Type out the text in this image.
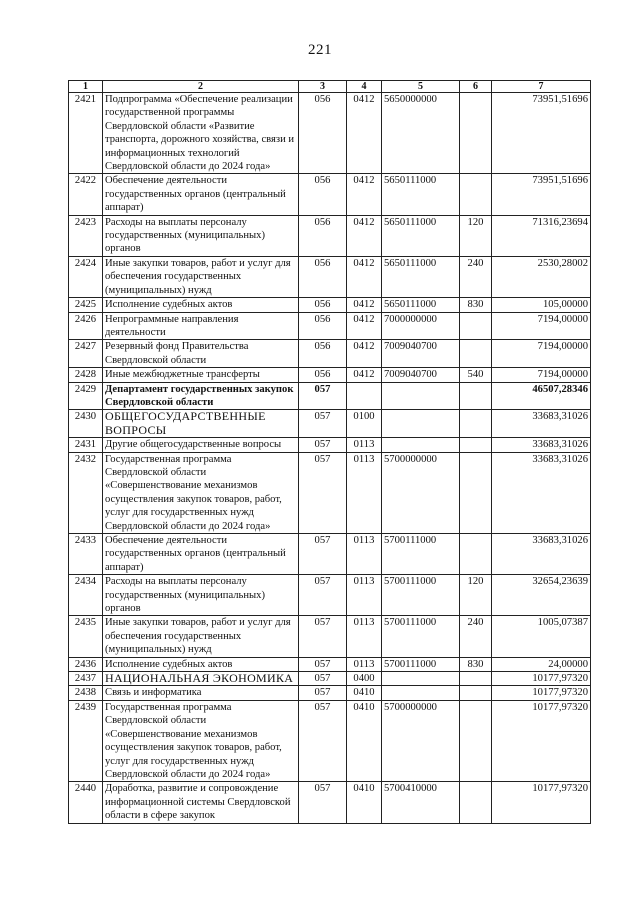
221
1	2	3	4	5	6	7
2421	Подпрограмма «Обеспечение реализации государственной программы Свердловской области «Развитие транспорта, дорожного хозяйства, связи и информационных технологий Свердловской области до 2024 года»	056	0412	5650000000		73951,51696
2422	Обеспечение деятельности государственных органов (центральный аппарат)	056	0412	5650111000		73951,51696
2423	Расходы на выплаты персоналу государственных (муниципальных) органов	056	0412	5650111000	120	71316,23694
2424	Иные закупки товаров, работ и услуг для обеспечения государственных (муниципальных) нужд	056	0412	5650111000	240	2530,28002
2425	Исполнение судебных актов	056	0412	5650111000	830	105,00000
2426	Непрограммные направления деятельности	056	0412	7000000000		7194,00000
2427	Резервный фонд Правительства Свердловской области	056	0412	7009040700		7194,00000
2428	Иные межбюджетные трансферты	056	0412	7009040700	540	7194,00000
2429	Департамент государственных закупок Свердловской области	057				46507,28346
2430	ОБЩЕГОСУДАРСТВЕННЫЕ ВОПРОСЫ	057	0100			33683,31026
2431	Другие общегосударственные вопросы	057	0113			33683,31026
2432	Государственная программа Свердловской области «Совершенствование механизмов осуществления закупок товаров, работ, услуг для государственных нужд Свердловской области до 2024 года»	057	0113	5700000000		33683,31026
2433	Обеспечение деятельности государственных органов (центральный аппарат)	057	0113	5700111000		33683,31026
2434	Расходы на выплаты персоналу государственных (муниципальных) органов	057	0113	5700111000	120	32654,23639
2435	Иные закупки товаров, работ и услуг для обеспечения государственных (муниципальных) нужд	057	0113	5700111000	240	1005,07387
2436	Исполнение судебных актов	057	0113	5700111000	830	24,00000
2437	НАЦИОНАЛЬНАЯ ЭКОНОМИКА	057	0400			10177,97320
2438	Связь и информатика	057	0410			10177,97320
2439	Государственная программа Свердловской области «Совершенствование механизмов осуществления закупок товаров, работ, услуг для государственных нужд Свердловской области до 2024 года»	057	0410	5700000000		10177,97320
2440	Доработка, развитие и сопровождение информационной системы Свердловской области в сфере закупок	057	0410	5700410000		10177,97320
